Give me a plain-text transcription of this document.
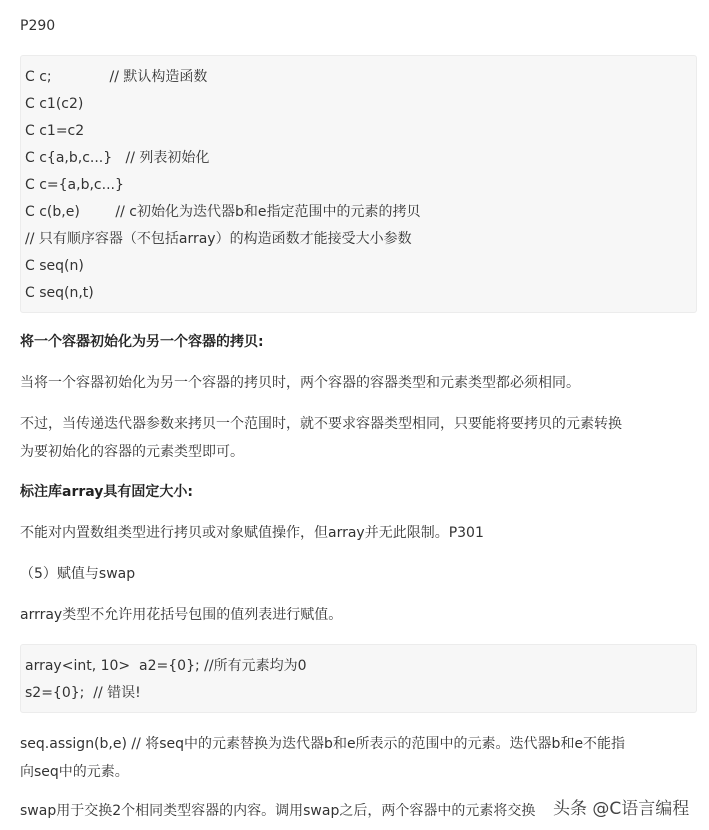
P290
C c;             // 默认构造函数
C c1(c2)
C c1=c2
C c{a,b,c...}   // 列表初始化
C c={a,b,c...}
C c(b,e)        // c初始化为迭代器b和e指定范围中的元素的拷贝
// 只有顺序容器（不包括array）的构造函数才能接受大小参数
C seq(n)
C seq(n,t)
将一个容器初始化为另一个容器的拷贝:
当将一个容器初始化为另一个容器的拷贝时，两个容器的容器类型和元素类型都必须相同。
不过，当传递迭代器参数来拷贝一个范围时，就不要求容器类型相同，只要能将要拷贝的元素转换
为要初始化的容器的元素类型即可。
标注库array具有固定大小:
不能对内置数组类型进行拷贝或对象赋值操作，但array并无此限制。P301
（5）赋值与swap
arrray类型不允许用花括号包围的值列表进行赋值。
array<int, 10>  a2={0}; //所有元素均为0
s2={0};  // 错误!
seq.assign(b,e) // 将seq中的元素替换为迭代器b和e所表示的范围中的元素。迭代器b和e不能指
向seq中的元素。
swap用于交换2个相同类型容器的内容。调用swap之后，两个容器中的元素将交换	头条 @C语言编程
